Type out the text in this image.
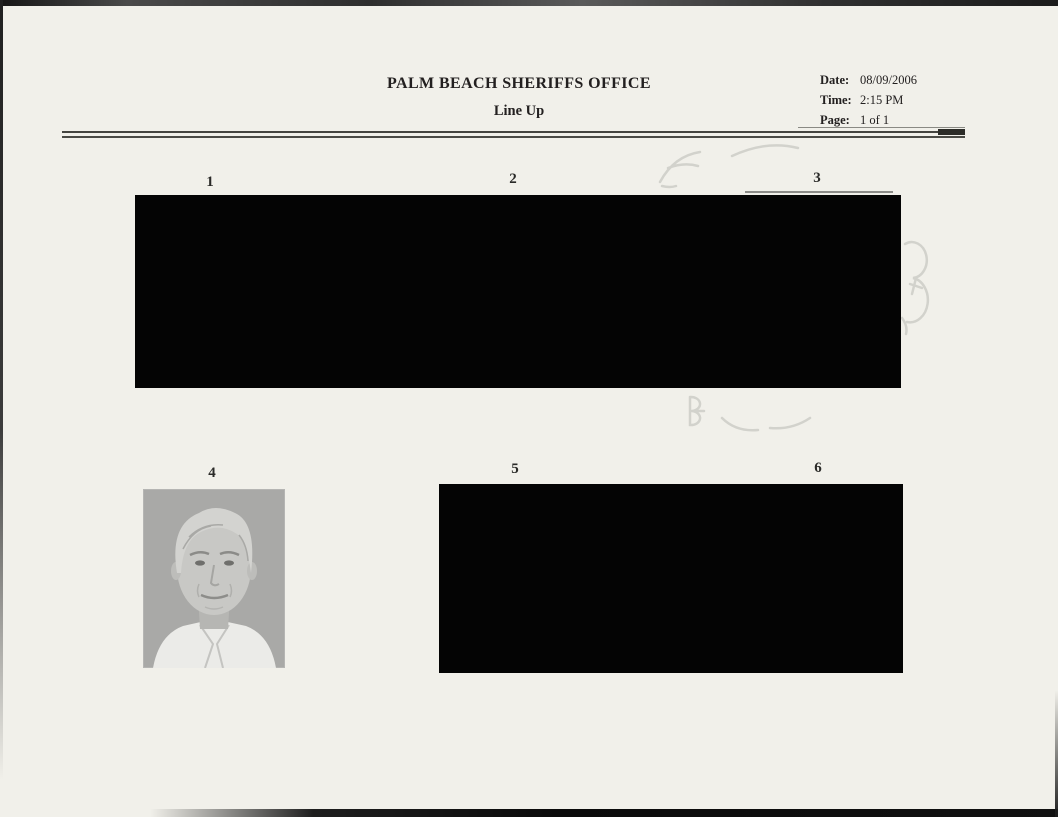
PALM BEACH SHERIFFS OFFICE
Line Up
Date: 08/09/2006
Time: 2:15 PM
Page: 1 of 1
1	2	3
4	5	6
